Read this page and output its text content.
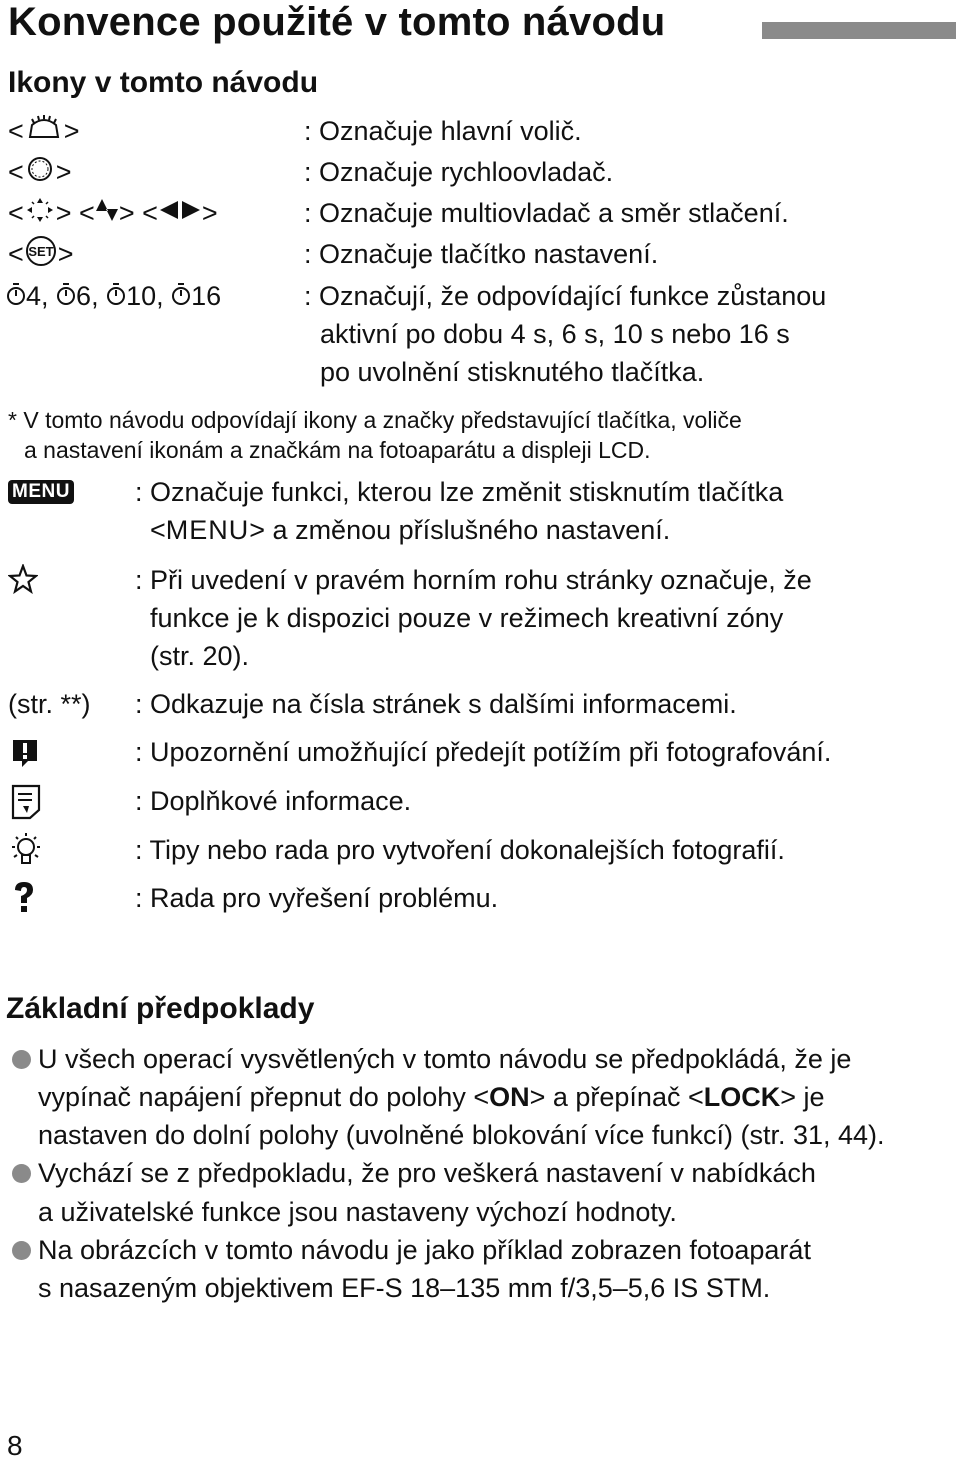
Konvence použité v tomto návodu
Ikony v tomto návodu
< >	: Označuje hlavní volič.
< >	: Označuje rychloovladač.
< > < > < >	: Označuje multiovladač a směr stlačení.
< SET >	: Označuje tlačítko nastavení.
4, 6, 10, 16	: Označují, že odpovídající funkce zůstanou
aktivní po dobu 4 s, 6 s, 10 s nebo 16 s
po uvolnění stisknutého tlačítka.
* V tomto návodu odpovídají ikony a značky představující tlačítka, voliče
a nastavení ikonám a značkám na fotoaparátu a displeji LCD.
MENU : Označuje funkci, kterou lze změnit stisknutím tlačítka
<MENU> a změnou příslušného nastavení.
: Při uvedení v pravém horním rohu stránky označuje, že
funkce je k dispozici pouze v režimech kreativní zóny
(str. 20).
(str. **) : Odkazuje na čísla stránek s dalšími informacemi.
: Upozornění umožňující předejít potížím při fotografování.
: Doplňkové informace.
: Tipy nebo rada pro vytvoření dokonalejších fotografií.
: Rada pro vyřešení problému.
Základní předpoklady
U všech operací vysvětlených v tomto návodu se předpokládá, že je
vypínač napájení přepnut do polohy <ON> a přepínač <LOCK> je
nastaven do dolní polohy (uvolněné blokování více funkcí) (str. 31, 44).
Vychází se z předpokladu, že pro veškerá nastavení v nabídkách
a uživatelské funkce jsou nastaveny výchozí hodnoty.
Na obrázcích v tomto návodu je jako příklad zobrazen fotoaparát
s nasazeným objektivem EF-S 18–135 mm f/3,5–5,6 IS STM.
8
